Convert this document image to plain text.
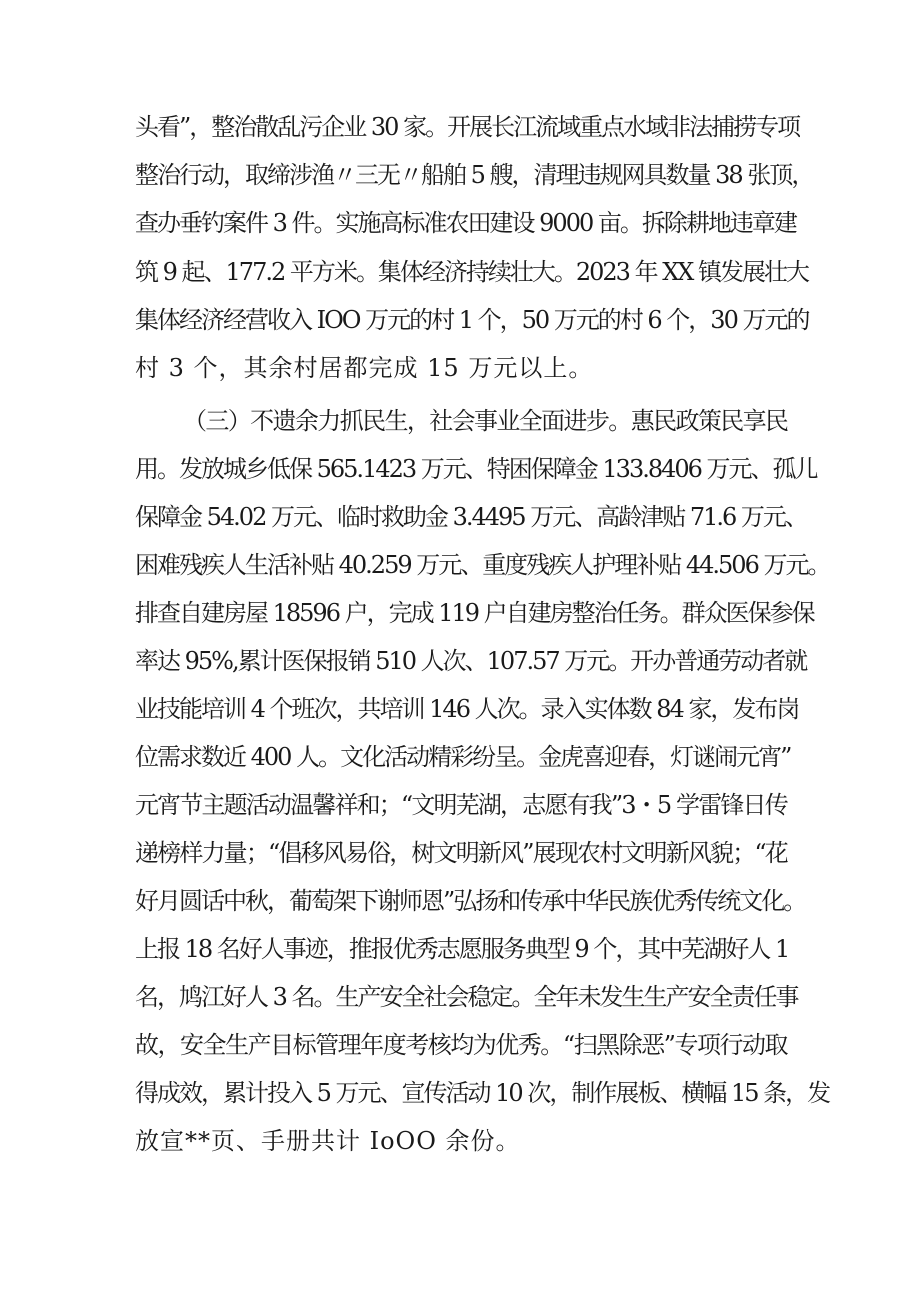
头看”，整治散乱污企业 30 家。开展长江流域重点水域非法捕捞专项
整治行动，取缔涉渔〃三无〃船舶 5 艘，清理违规网具数量 38 张顶，
查办垂钓案件 3 件。实施高标准农田建设 9000 亩。拆除耕地违章建
筑 9 起、177.2 平方米。集体经济持续壮大。2023 年 XX 镇发展壮大
集体经济经营收入 IOO 万元的村 1 个，50 万元的村 6 个，30 万元的
村 3 个，其余村居都完成 15 万元以上。
（三）不遗余力抓民生，社会事业全面进步。惠民政策民享民
用。发放城乡低保 565.1423 万元、特困保障金 133.8406 万元、孤儿
保障金 54.02 万元、临时救助金 3.4495 万元、高龄津贴 71.6 万元、
困难残疾人生活补贴 40.259 万元、重度残疾人护理补贴 44.506 万元。
排查自建房屋 18596 户，完成 119 户自建房整治任务。群众医保参保
率达 95%,累计医保报销 510 人次、107.57 万元。开办普通劳动者就
业技能培训 4 个班次，共培训 146 人次。录入实体数 84 家，发布岗
位需求数近 400 人。文化活动精彩纷呈。金虎喜迎春，灯谜闹元宵”
元宵节主题活动温馨祥和；“文明芜湖，志愿有我”3・5 学雷锋日传
递榜样力量；“倡移风易俗，树文明新风”展现农村文明新风貌；“花
好月圆话中秋，葡萄架下谢师恩”弘扬和传承中华民族优秀传统文化。
上报 18 名好人事迹，推报优秀志愿服务典型 9 个，其中芜湖好人 1
名，鸠江好人 3 名。生产安全社会稳定。全年未发生生产安全责任事
故，安全生产目标管理年度考核均为优秀。“扫黑除恶”专项行动取
得成效，累计投入 5 万元、宣传活动 10 次，制作展板、横幅 15 条，发
放宣**页、手册共计 IoOO 余份。
